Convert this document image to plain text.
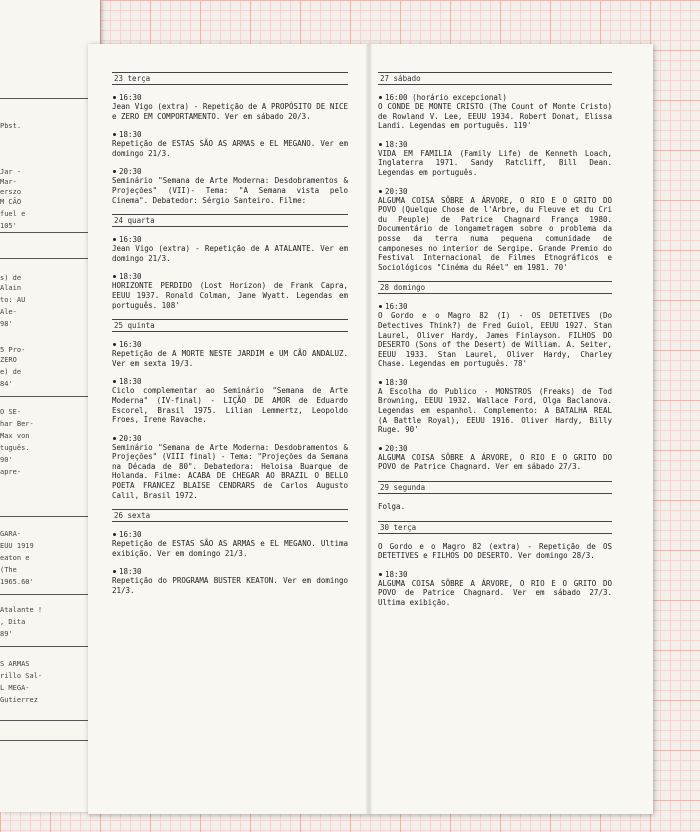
Pbst.
Jar -
Mar-
erszo
M CÃO
fuel e
105'
s) de
Alain
to: AU
Ale-
98'
5 Pro-
ZERO
e) de
84'
O SE-
har Ber-
Max von
tuguês.
90'
apre-
GARA-
EUU 1919
eaton e
(The
1965.60'
Atalante !
, Dita
89'
S ARMAS
rillo Sal-
L MEGA-
Gutierrez
23 terça
16:30
Jean Vigo (extra) - Repetição de A PROPÓSITO DE NICE e ZERO EM COMPORTAMENTO. Ver em sábado 20/3.
18:30
Repetição de ESTAS SÃO AS ARMAS e EL MEGANO. Ver em domingo 21/3.
20:30
Seminário "Semana de Arte Moderna: Desdobramentos & Projeções" (VII)- Tema: "A Semana vista pelo Cinema". Debatedor: Sérgio Santeiro. Filme:
24 quarta
16:30
Jean Vigo (extra) - Repetição de A ATALANTE. Ver em domingo 21/3.
18:30
HORIZONTE PERDIDO (Lost Horizon) de Frank Capra, EEUU 1937. Ronald Colman, Jane Wyatt. Legendas em português. 108'
25 quinta
16:30
Repetição de A MORTE NESTE JARDIM e UM CÃO ANDALUZ. Ver em sexta 19/3.
18:30
Ciclo complementar ao Seminário "Semana de Arte Moderna" (IV-final) - LIÇÃO DE AMOR de Eduardo Escorel, Brasil 1975. Lilian Lemmertz, Leopoldo Froes, Irene Ravache.
20:30
Seminário "Semana de Arte Moderna: Desdobramentos & Projeções" (VIII final) - Tema: "Projeções da Semana na Década de 80". Debatedora: Heloisa Buarque de Holanda. Filme: ACABA DE CHEGAR AO BRAZIL O BELLO POETA FRANCEZ BLAISE CENDRARS de Carlos Augusto Calil, Brasil 1972.
26 sexta
16:30
Repetição de ESTAS SÃO AS ARMAS e EL MEGANO. Ultima exibição. Ver em domingo 21/3.
18:30
Repetição do PROGRAMA BUSTER KEATON. Ver em domingo 21/3.
27 sábado
16:00 (horário excepcional)
O CONDE DE MONTE CRISTO (The Count of Monte Cristo) de Rowland V. Lee, EEUU 1934. Robert Donat, Elissa Landi. Legendas em português. 119'
18:30
VIDA EM FAMILIA (Family Life) de Kenneth Loach, Inglaterra 1971. Sandy Ratcliff, Bill Dean. Legendas em português.
20:30
ALGUMA COISA SÔBRE A ÁRVORE, O RIO E O GRITO DO POVO (Quelque Chose de l'Arbre, du Fleuve et du Cri du Peuple) de Patrice Chagnard França 1980. Documentário de longametragem sobre o problema da posse da terra numa pequena comunidade de camponeses no interior de Sergipe. Grande Premio do Festival Internacional de Filmes Etnográficos e Sociológicos "Cinéma du Réel" em 1981. 70'
28 domingo
16:30
O Gordo e o Magro 82 (I) - OS DETETIVES (Do Detectives Think?) de Fred Guiol, EEUU 1927. Stan Laurel, Oliver Hardy, James Finlayson. FILHOS DO DESERTO (Sons of the Desert) de William. A. Seiter, EEUU 1933. Stan Laurel, Oliver Hardy, Charley Chase. Legendas em português. 78'
18:30
A Escolha do Publico - MONSTROS (Freaks) de Tod Browning, EEUU 1932. Wallace Ford, Olga Baclanova. Legendas em espanhol. Complemento: A BATALHA REAL (A Battle Royal), EEUU 1916. Oliver Hardy, Billy Ruge. 90'
20:30
ALGUMA COISA SÔBRE A ÁRVORE, O RIO E O GRITO DO POVO de Patrice Chagnard. Ver em sábado 27/3.
29 segunda
Folga.
30 terça
O Gordo e o Magro 82 (extra) - Repetição de OS DETETIVES e FILHOS DO DESERTO. Ver domingo 28/3.
18:30
ALGUMA COISA SÔBRE A ÁRVORE, O RIO E O GRITO DO POVO de Patrice Chagnard. Ver em sábado 27/3. Ultima exibição.
